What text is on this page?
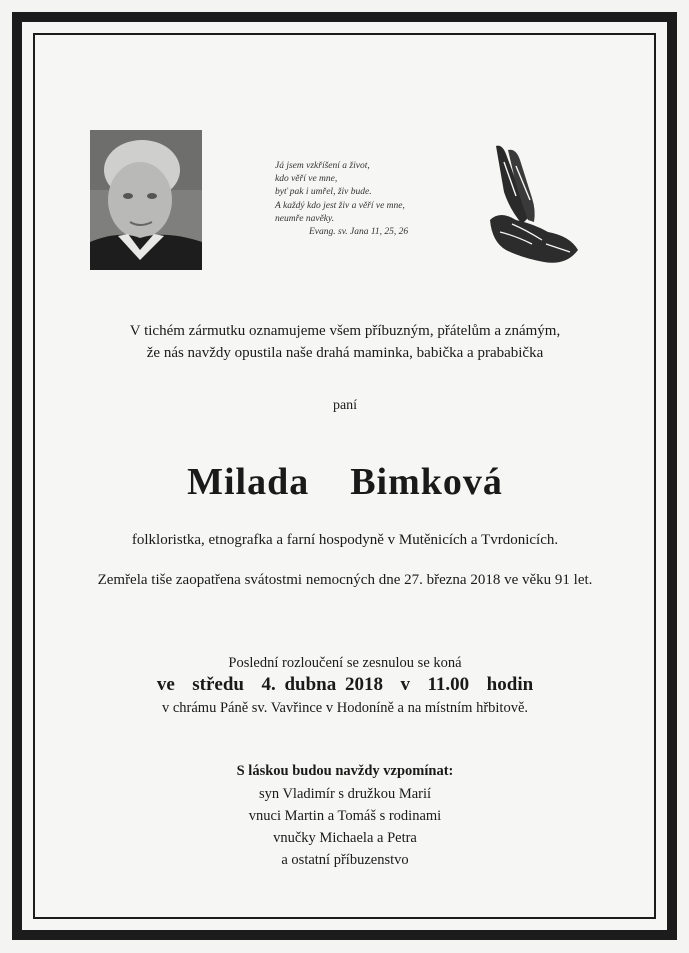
Já jsem vzkříšení a život,
kdo věří ve mne,
byť pak i umřel, živ bude.
A každý kdo jest živ a věří ve mne,
neumře navěky.
Evang. sv. Jana 11, 25, 26
V tichém zármutku oznamujeme všem příbuzným, přátelům a známým,
že nás navždy opustila naše drahá maminka, babička a prababička
paní
Milada  Bimková
folkloristka, etnografka a farní hospodyně v Mutěnicích a Tvrdonicích.
Zemřela tiše zaopatřena svátostmi nemocných dne 27. března 2018 ve věku 91 let.
Poslední rozloučení se zesnulou se koná
ve  středu  4. dubna 2018  v  11.00  hodin
v chrámu Páně sv. Vavřince v Hodoníně a na místním hřbitově.
S láskou budou navždy vzpomínat:
syn Vladimír s družkou Marií
vnuci Martin a Tomáš s rodinami
vnučky Michaela a Petra
a ostatní příbuzenstvo
